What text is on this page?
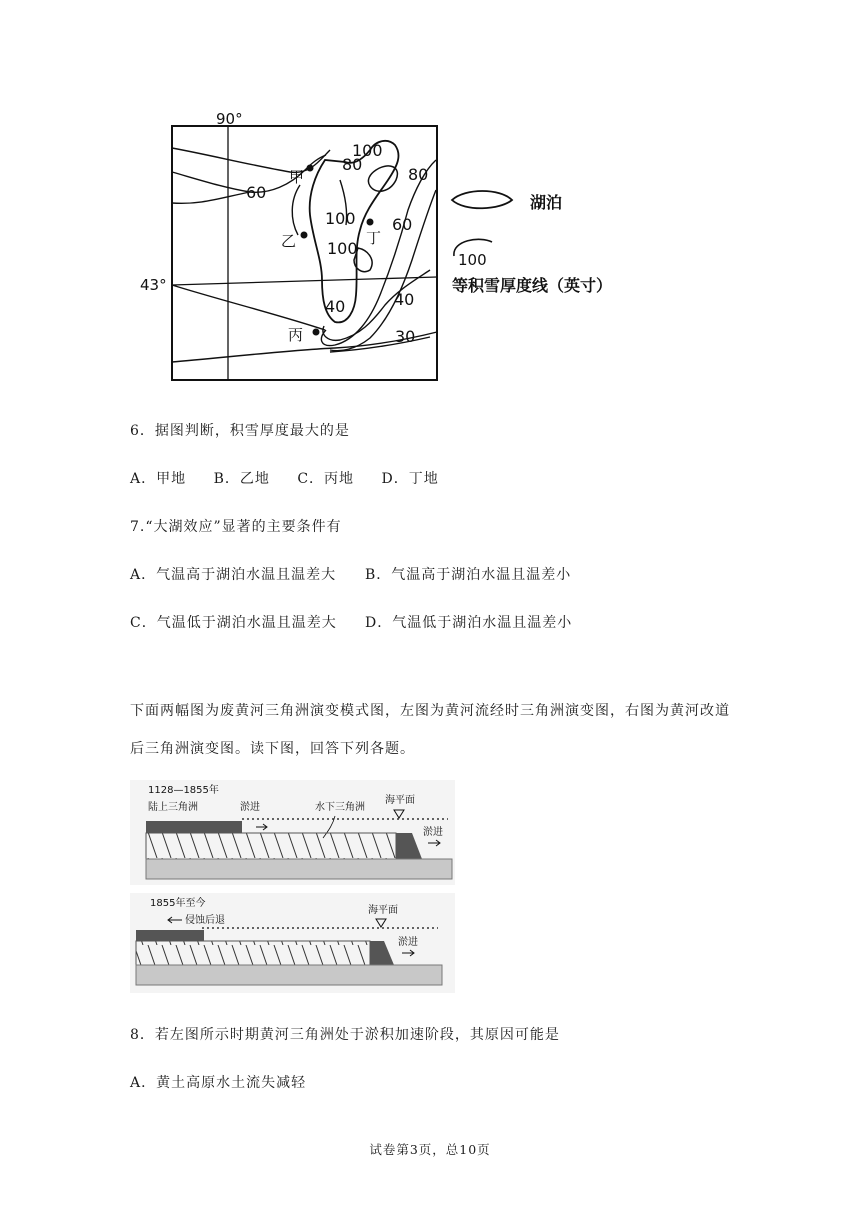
90°
43°
100
80
60
100
80
60
100
40	40
30
甲
乙	丁
丙
湖泊
100
等积雪厚度线（英寸）
6．据图判断，积雪厚度最大的是
A．甲地 B．乙地 C．丙地 D．丁地
7.“大湖效应”显著的主要条件有
A．气温高于湖泊水温且温差大 B．气温高于湖泊水温且温差小
C．气温低于湖泊水温且温差大 D．气温低于湖泊水温且温差小
下面两幅图为废黄河三角洲演变模式图，左图为黄河流经时三角洲演变图，右图为黄河改道后三角洲演变图。读下图，回答下列各题。
1128—1855年
陆上三角洲	淤进	水下三角洲
海平面
淤进
1855年至今
侵蚀后退
海平面
淤进
8．若左图所示时期黄河三角洲处于淤积加速阶段，其原因可能是
A．黄土高原水土流失减轻
试卷第3页，总10页
